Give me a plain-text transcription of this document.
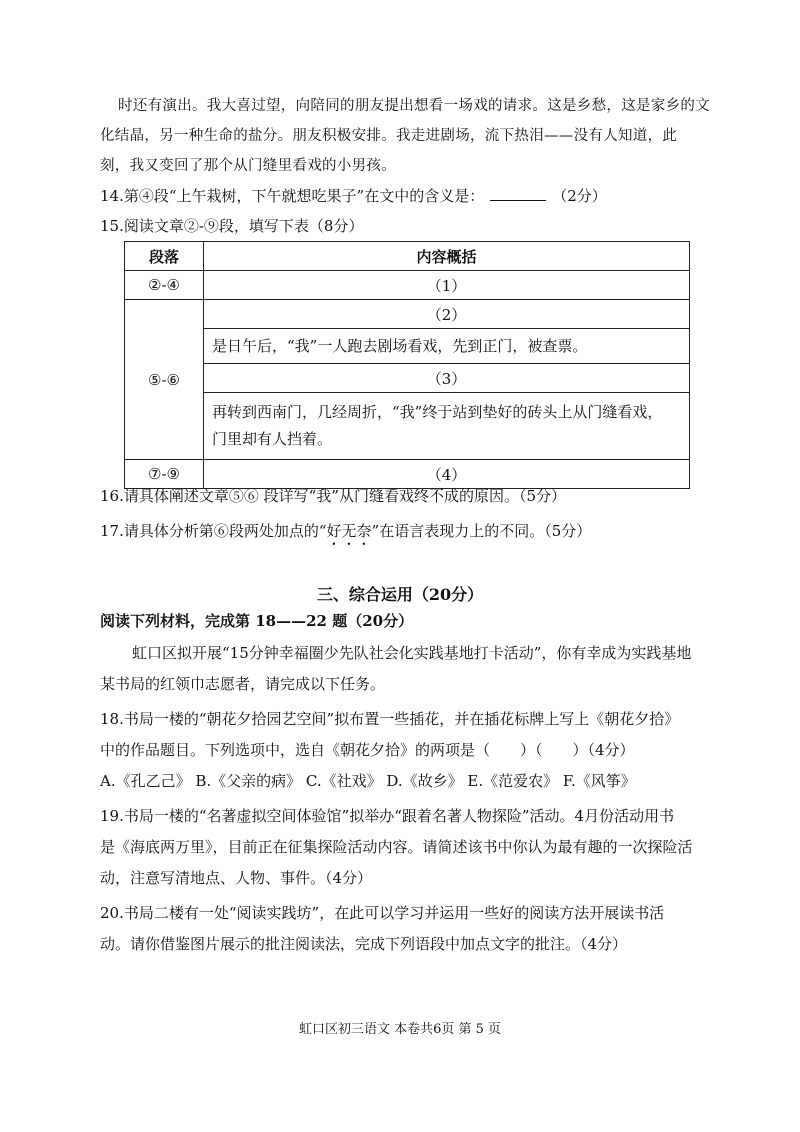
时还有演出。我大喜过望，向陪同的朋友提出想看一场戏的请求。这是乡愁，这是家乡的文
化结晶，另一种生命的盐分。朋友积极安排。我走进剧场，流下热泪——没有人知道，此
刻，我又变回了那个从门缝里看戏的小男孩。
14.第④段“上午栽树，下午就想吃果子”在文中的含义是：	（2分）
15.阅读文章②-⑨段，填写下表（8分）
段落	内容概括
②-④	（1）
⑤-⑥	（2）
	是日午后，“我”一人跑去剧场看戏，先到正门，被查票。
	（3）

	再转到西南门，几经周折，“我”终于站到垫好的砖头上从门缝看戏，
门里却有人挡着。

⑦-⑨	（4）
16.请具体阐述文章⑤⑥ 段详写“我”从门缝看戏终不成的原因。（5分）
17.请具体分析第⑥段两处加点的“好无奈”在语言表现力上的不同。（5分）
三、综合运用（20分）
阅读下列材料，完成第 18——22 题（20分）
虹口区拟开展“15分钟幸福圈少先队社会化实践基地打卡活动”，你有幸成为实践基地
某书局的红领巾志愿者，请完成以下任务。
18.书局一楼的“朝花夕拾园艺空间”拟布置一些插花，并在插花标牌上写上《朝花夕拾》
中的作品题目。下列选项中，选自《朝花夕拾》的两项是（　　）（　　）（4分）
A.《孔乙己》 B.《父亲的病》 C.《社戏》 D.《故乡》 E.《范爱农》 F.《风筝》
19.书局一楼的“名著虚拟空间体验馆”拟举办“跟着名著人物探险”活动。4月份活动用书
是《海底两万里》，目前正在征集探险活动内容。请简述该书中你认为最有趣的一次探险活
动，注意写清地点、人物、事件。（4分）
20.书局二楼有一处“阅读实践坊”，在此可以学习并运用一些好的阅读方法开展读书活
动。请你借鉴图片展示的批注阅读法，完成下列语段中加点文字的批注。（4分）
虹口区初三语文 本卷共6页 第 5 页
